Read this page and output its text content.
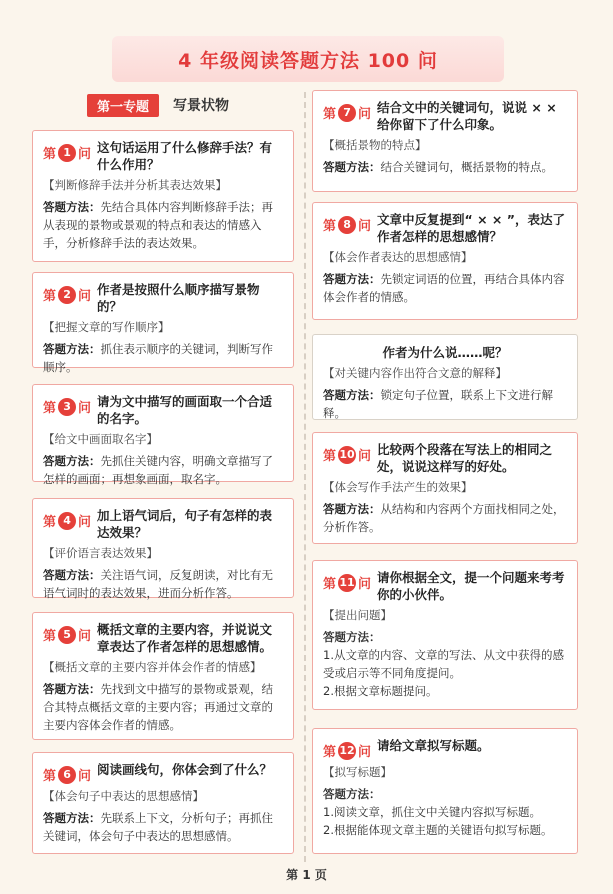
4 年级阅读答题方法 100 问
第一专题	写景状物
第 1 问 这句话运用了什么修辞手法？有什么作用？
【判断修辞手法并分析其表达效果】
答题方法：先结合具体内容判断修辞手法；再从表现的景物或景观的特点和表达的情感入手，分析修辞手法的表达效果。
第 2 问 作者是按照什么顺序描写景物的？
【把握文章的写作顺序】
答题方法：抓住表示顺序的关键词，判断写作顺序。
第 3 问 请为文中描写的画面取一个合适的名字。
【给文中画面取名字】
答题方法：先抓住关键内容，明确文章描写了怎样的画面；再想象画面，取名字。
第 4 问 加上语气词后，句子有怎样的表达效果？
【评价语言表达效果】
答题方法：关注语气词，反复朗读，对比有无语气词时的表达效果，进而分析作答。
第 5 问 概括文章的主要内容，并说说文章表达了作者怎样的思想感情。
【概括文章的主要内容并体会作者的情感】
答题方法：先找到文中描写的景物或景观，结合其特点概括文章的主要内容；再通过文章的主要内容体会作者的情感。
第 6 问 阅读画线句，你体会到了什么？
【体会句子中表达的思想感情】
答题方法：先联系上下文，分析句子；再抓住关键词，体会句子中表达的思想感情。
第 7 问 结合文中的关键词句，说说 × × 给你留下了什么印象。
【概括景物的特点】
答题方法：结合关键词句，概括景物的特点。
第 8 问 文章中反复提到“ × × ”，表达了作者怎样的思想感情？
【体会作者表达的思想感情】
答题方法：先锁定词语的位置，再结合具体内容体会作者的情感。
作者为什么说……呢？
【对关键内容作出符合文意的解释】
答题方法：锁定句子位置，联系上下文进行解释。
第 10 问 比较两个段落在写法上的相同之处，说说这样写的好处。
【体会写作手法产生的效果】
答题方法：从结构和内容两个方面找相同之处，分析作答。
第 11 问 请你根据全文，提一个问题来考考你的小伙伴。
【提出问题】
答题方法：
1.从文章的内容、文章的写法、从文中获得的感受或启示等不同角度提问。
2.根据文章标题提问。
第 12 问 请给文章拟写标题。
【拟写标题】
答题方法：
1.阅读文章，抓住文中关键内容拟写标题。
2.根据能体现文章主题的关键语句拟写标题。
第 1 页
